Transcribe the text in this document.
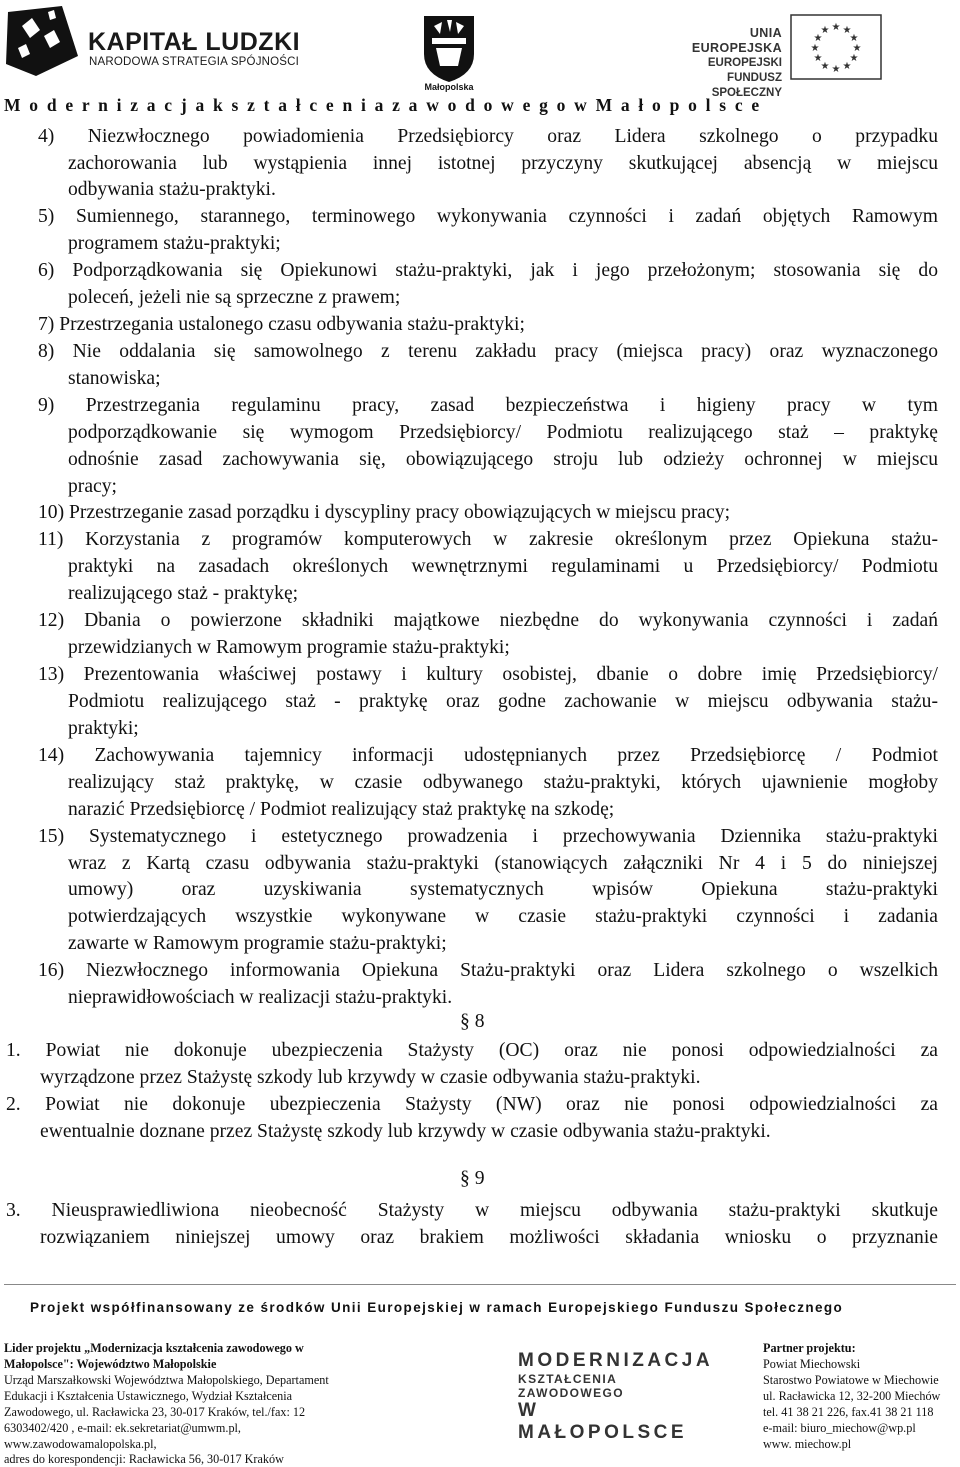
KAPITAŁ LUDZKI
NARODOWA STRATEGIA SPÓJNOŚCI
Małopolska
UNIA EUROPEJSKA
EUROPEJSKI
FUNDUSZ SPOŁECZNY
★ ★
★
★
★
★
★
★
★
★
★
★
M o d e r n i z a c j a k s z t a ł c e n i a z a w o d o w e g o w M a ł o p o l s c e
4) Niezwłocznego powiadomienia Przedsiębiorcy oraz Lidera szkolnego o przypadku
zachorowania lub wystąpienia innej istotnej przyczyny skutkującej absencją w miejscu
odbywania stażu-praktyki.
5) Sumiennego, starannego, terminowego wykonywania czynności i zadań objętych Ramowym
programem stażu-praktyki;
6) Podporządkowania się Opiekunowi stażu-praktyki, jak i jego przełożonym; stosowania się do
poleceń, jeżeli nie są sprzeczne z prawem;
7) Przestrzegania ustalonego czasu odbywania stażu-praktyki;
8) Nie oddalania się samowolnego z terenu zakładu pracy (miejsca pracy) oraz wyznaczonego
stanowiska;
9) Przestrzegania regulaminu pracy, zasad bezpieczeństwa i higieny pracy w tym
podporządkowanie się wymogom Przedsiębiorcy/ Podmiotu realizującego staż – praktykę
odnośnie zasad zachowywania się, obowiązującego stroju lub odzieży ochronnej w miejscu
pracy;
10) Przestrzeganie zasad porządku i dyscypliny pracy obowiązujących w miejscu pracy;
11) Korzystania z programów komputerowych w zakresie określonym przez Opiekuna stażu-
praktyki na zasadach określonych wewnętrznymi regulaminami u Przedsiębiorcy/ Podmiotu
realizującego staż - praktykę;
12) Dbania o powierzone składniki majątkowe niezbędne do wykonywania czynności i zadań
przewidzianych w Ramowym programie stażu-praktyki;
13) Prezentowania właściwej postawy i kultury osobistej, dbanie o dobre imię Przedsiębiorcy/
Podmiotu realizującego staż - praktykę oraz godne zachowanie w miejscu odbywania stażu-
praktyki;
14) Zachowywania tajemnicy informacji udostępnianych przez Przedsiębiorcę / Podmiot
realizujący staż praktykę, w czasie odbywanego stażu-praktyki, których ujawnienie mogłoby
narazić Przedsiębiorcę / Podmiot realizujący staż praktykę na szkodę;
15) Systematycznego i estetycznego prowadzenia i przechowywania Dziennika stażu-praktyki
wraz z Kartą czasu odbywania stażu-praktyki (stanowiących załączniki Nr 4 i 5 do niniejszej
umowy) oraz uzyskiwania systematycznych wpisów Opiekuna stażu-praktyki
potwierdzających wszystkie wykonywane w czasie stażu-praktyki czynności i zadania
zawarte w Ramowym programie stażu-praktyki;
16) Niezwłocznego informowania Opiekuna Stażu-praktyki oraz Lidera szkolnego o wszelkich
nieprawidłowościach w realizacji stażu-praktyki.
§ 8
1. Powiat nie dokonuje ubezpieczenia Stażysty (OC) oraz nie ponosi odpowiedzialności za
wyrządzone przez Stażystę szkody lub krzywdy w czasie odbywania stażu-praktyki.
2. Powiat nie dokonuje ubezpieczenia Stażysty (NW) oraz nie ponosi odpowiedzialności za
ewentualnie doznane przez Stażystę szkody lub krzywdy w czasie odbywania stażu-praktyki.
§ 9
3. Nieusprawiedliwiona nieobecność Stażysty w miejscu odbywania stażu-praktyki skutkuje
rozwiązaniem niniejszej umowy oraz brakiem możliwości składania wniosku o przyznanie
Projekt współfinansowany ze środków Unii Europejskiej w ramach Europejskiego Funduszu Społecznego
Lider projektu „Modernizacja kształcenia zawodowego w
Małopolsce": Województwo Małopolskie
Urząd Marszałkowski Województwa Małopolskiego, Departament
Edukacji i Kształcenia Ustawicznego, Wydział Kształcenia
Zawodowego, ul. Racławicka 23, 30-017 Kraków, tel./fax: 12
6303402/420 , e-mail: ek.sekretariat@umwm.pl,
www.zawodowamalopolska.pl,
adres do korespondencji: Racławicka 56, 30-017 Kraków
MODERNIZACJA
KSZTAŁCENIA ZAWODOWEGO
W MAŁOPOLSCE
Partner projektu:
Powiat Miechowski
Starostwo Powiatowe w Miechowie
ul. Racławicka 12, 32-200 Miechów
tel. 41 38 21 226, fax.41 38 21 118
e-mail: biuro_miechow@wp.pl
www. miechow.pl
